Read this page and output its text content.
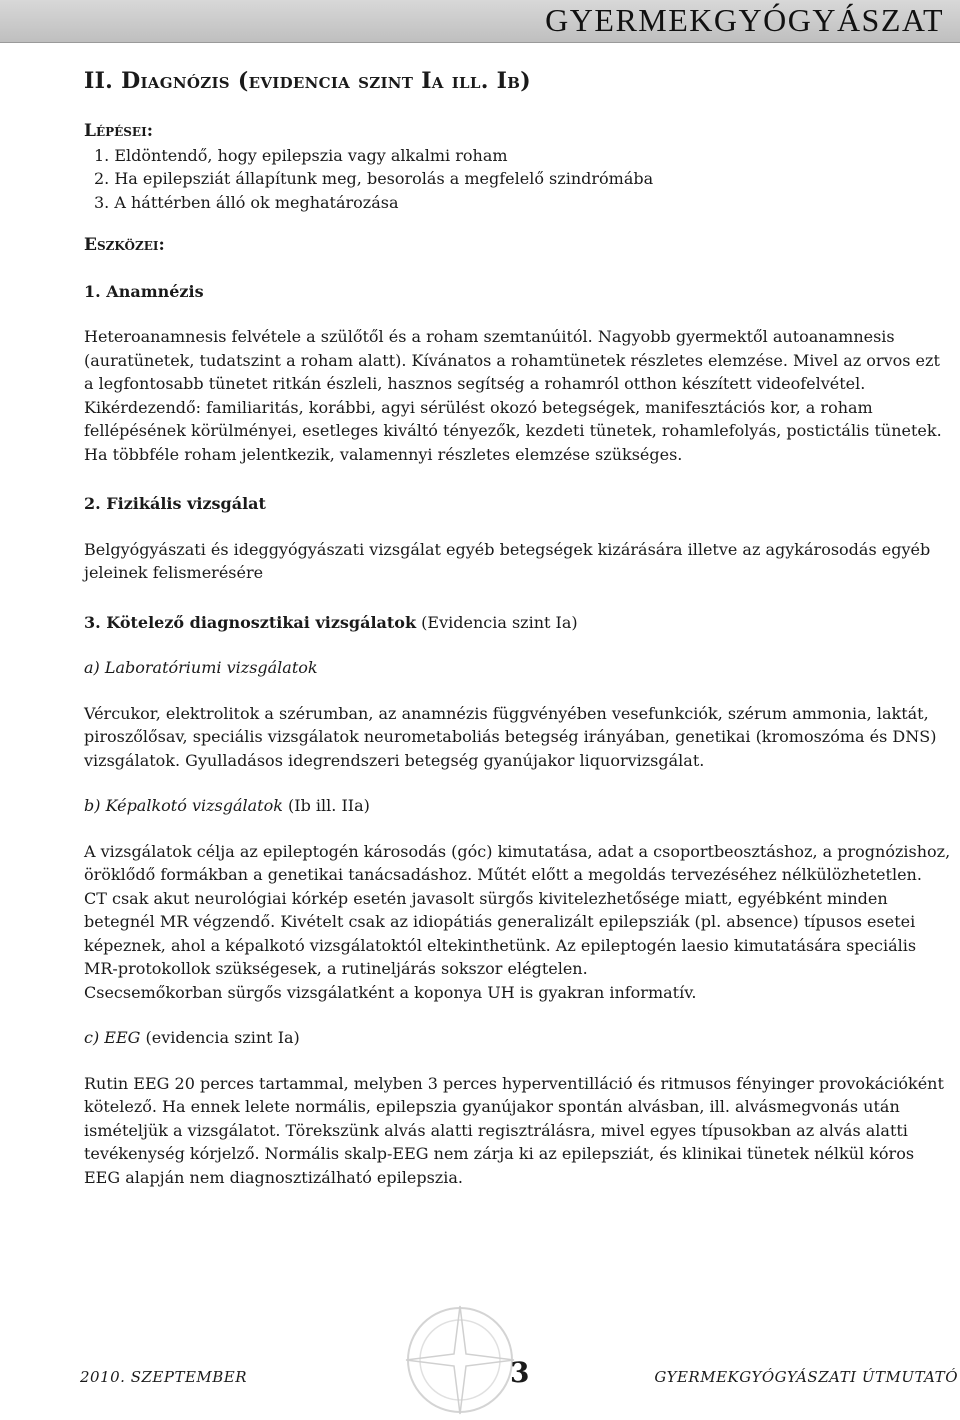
GYERMEKGYÓGYÁSZAT
II. Diagnózis (evidencia szint Ia ill. Ib)
Lépései:
1. Eldöntendő, hogy epilepszia vagy alkalmi roham
2. Ha epilepsziát állapítunk meg, besorolás a megfelelő szindrómába
3. A háttérben álló ok meghatározása
Eszközei:
1. Anamnézis

Heteroanamnesis felvétele a szülőtől és a roham szemtanúitól. Nagyobb gyermektől autoanamnesis (auratünetek, tudatszint a roham alatt). Kívánatos a rohamtünetek részletes elemzése. Mivel az orvos ezt a legfontosabb tünetet ritkán észleli, hasznos segítség a rohamról otthon készített videofelvétel.

Kikérdezendő: familiaritás, korábbi, agyi sérülést okozó betegségek, manifesztációs kor, a roham fellépésének körülményei, esetleges kiváltó tényezők, kezdeti tünetek, rohamlefolyás, postictális tünetek. Ha többféle roham jelentkezik, valamennyi részletes elemzése szükséges.

2. Fizikális vizsgálat

Belgyógyászati és ideggyógyászati vizsgálat egyéb betegségek kizárására illetve az agykárosodás egyéb jeleinek felismerésére

3. Kötelező diagnosztikai vizsgálatok (Evidencia szint Ia)
a) Laboratóriumi vizsgálatok

Vércukor, elektrolitok a szérumban, az anamnézis függvényében vesefunkciók, szérum ammonia, laktát, piroszőlősav, speciális vizsgálatok neurometaboliás betegség irányában, genetikai (kromoszóma és DNS) vizsgálatok. Gyulladásos idegrendszeri betegség gyanújakor liquorvizsgálat.

b) Képalkotó vizsgálatok (Ib ill. IIa)

A vizsgálatok célja az epileptogén károsodás (góc) kimutatása, adat a csoportbeosztáshoz, a prognózishoz, öröklődő formákban a genetikai tanácsadáshoz. Műtét előtt a megoldás tervezéséhez nélkülözhetetlen.

CT csak akut neurológiai kórkép esetén javasolt sürgős kivitelezhetősége miatt, egyébként minden betegnél MR végzendő. Kivételt csak az idiopátiás generalizált epilepsziák (pl. absence) típusos esetei képeznek, ahol a képalkotó vizsgálatoktól eltekinthetünk. Az epileptogén laesio kimutatására speciális MR-protokollok szükségesek, a rutineljárás sokszor elégtelen.

Csecsemőkorban sürgős vizsgálatként a koponya UH is gyakran informatív.

c) EEG (evidencia szint Ia)

Rutin EEG 20 perces tartammal, melyben 3 perces hyperventilláció és ritmusos fényinger provokációként kötelező. Ha ennek lelete normális, epilepszia gyanújakor spontán alvásban, ill. alvásmegvonás után ismételjük a vizsgálatot. Törekszünk alvás alatti regisztrálásra, mivel egyes típusokban az alvás alatti tevékenység kórjelző. Normális skalp-EEG nem zárja ki az epilepsziát, és klinikai tünetek nélkül kóros EEG alapján nem diagnosztizálható epilepszia.

2010. SZEPTEMBER	3	GYERMEKGYÓGYÁSZATI ÚTMUTATÓ
